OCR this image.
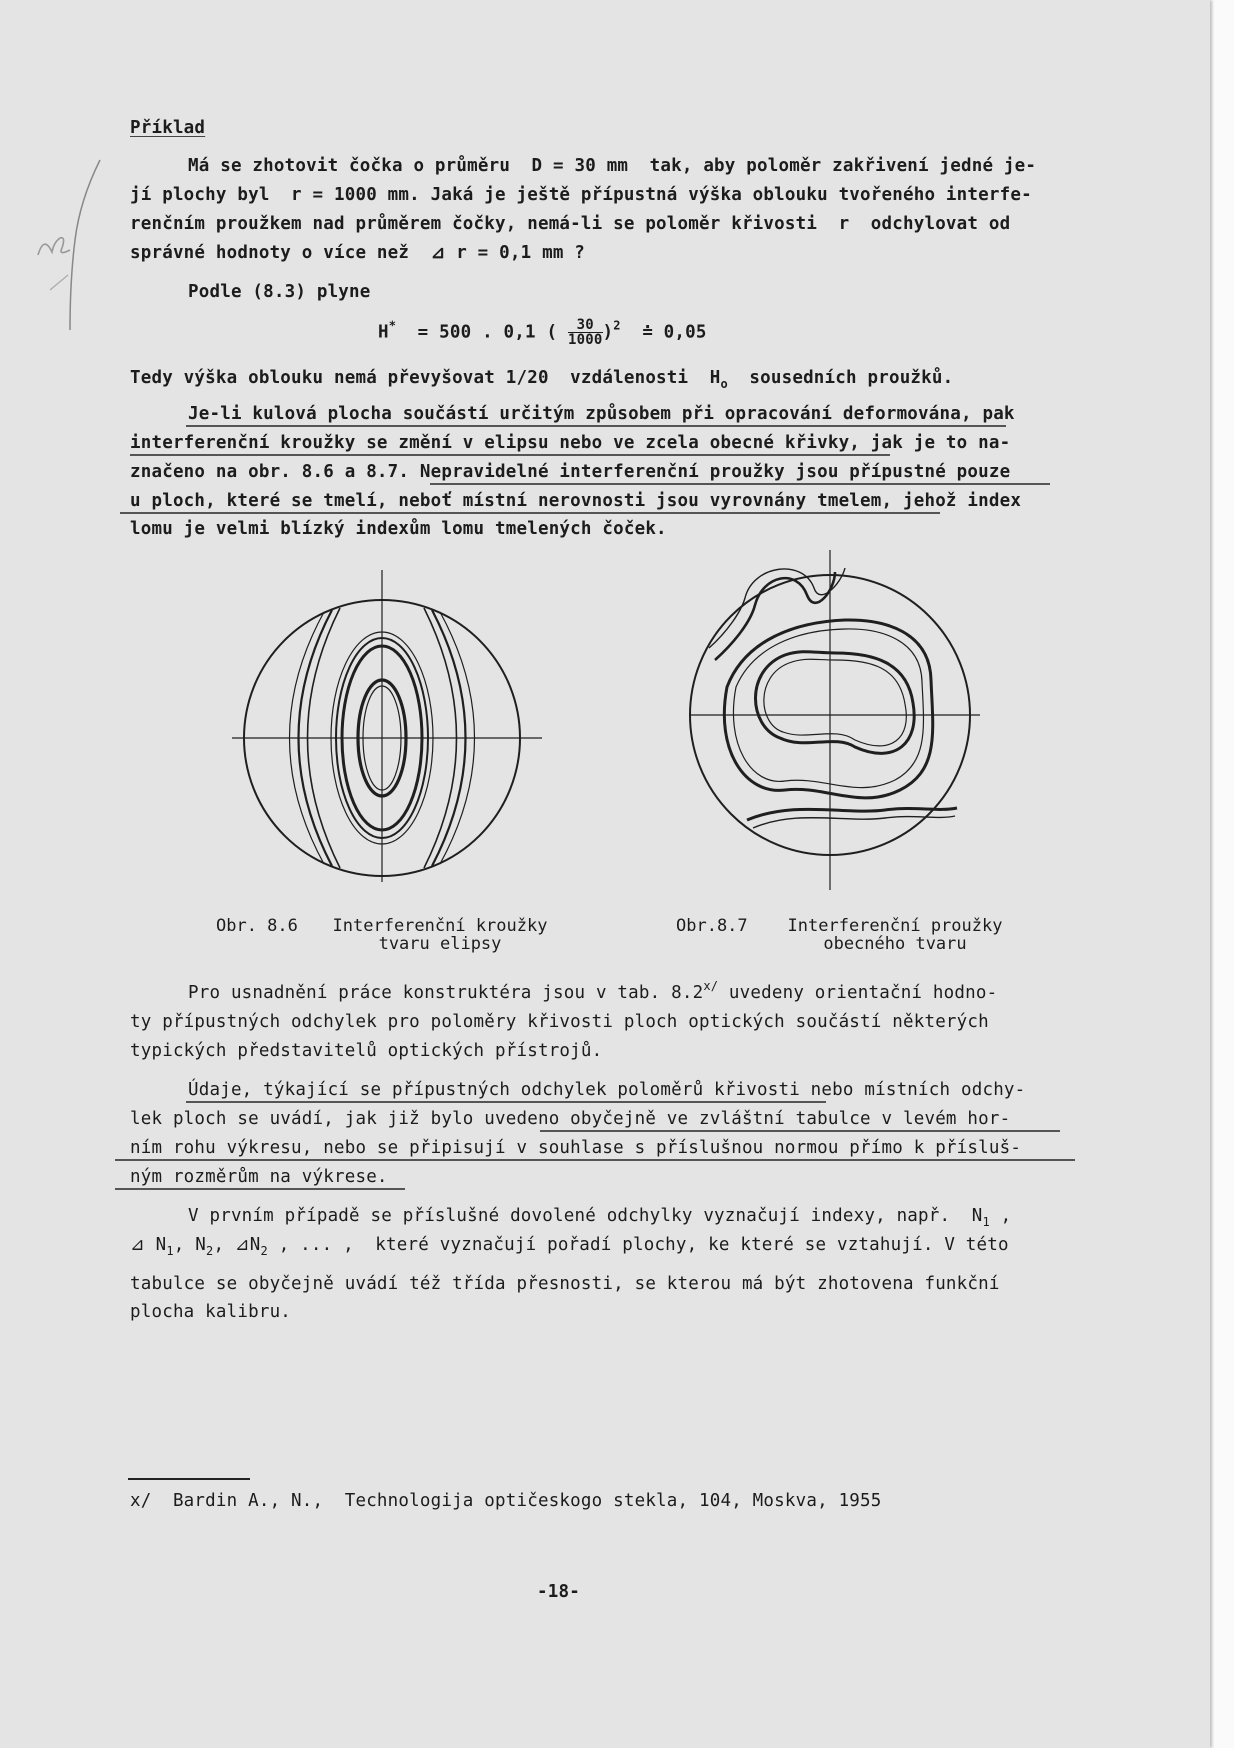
Příklad
Má se zhotovit čočka o průměru  D = 30 mm  tak, aby poloměr zakřivení jedné je-
jí plochy byl  r = 1000 mm. Jaká je ještě přípustná výška oblouku tvořeného interfe-
renčním proužkem nad průměrem čočky, nemá-li se poloměr křivosti  r  odchylovat od
správné hodnoty o více než  ⊿ r = 0,1 mm ?
Podle (8.3) plyne
H* = 500 . 0,1 ( $\frac{30}{1000} )^2$ ≐ 0,05
Tedy výška oblouku nemá převyšovat 1/20  vzdálenosti  $H_o$  sousedních proužků.
Je-li kulová plocha součástí určitým způsobem při opracování deformována, pak
interferenční kroužky se změní v elipsu nebo ve zcela obecné křivky, jak je to na-
značeno na obr. 8.6 a 8.7. Nepravidelné interferenční proužky jsou přípustné pouze
u ploch, které se tmelí, neboť místní nerovnosti jsou vyrovnány tmelem, jehož index
lomu je velmi blízký indexům lomu tmelených čoček.
Obr. 8.6	Interferenční kroužky
tvaru elipsy
Obr.8.7	Interferenční proužky
obecného tvaru
Pro usnadnění práce konstruktéra jsou v tab. $8.2^{x/}$ uvedeny orientační hodno-
ty přípustných odchylek pro poloměry křivosti ploch optických součástí některých
typických představitelů optických přístrojů.
Údaje, týkající se přípustných odchylek poloměrů křivosti nebo místních odchy-
lek ploch se uvádí, jak již bylo uvedeno obyčejně ve zvláštní tabulce v levém hor-
ním rohu výkresu, nebo se připisují v souhlase s příslušnou normou přímo k přísluš-
ným rozměrům na výkrese.
V prvním případě se příslušné dovolené odchylky vyznačují indexy, např.  $N_1$ ,
⊿ $N_1$, $N_2$, $⊿N_2$ , ... ,  které vyznačují pořadí plochy, ke které se vztahují. V této
tabulce se obyčejně uvádí též třída přesnosti, se kterou má být zhotovena funkční
plocha kalibru.
x/  Bardin A., N.,  Technologija optičeskogo stekla, 104, Moskva, 1955
-18-
